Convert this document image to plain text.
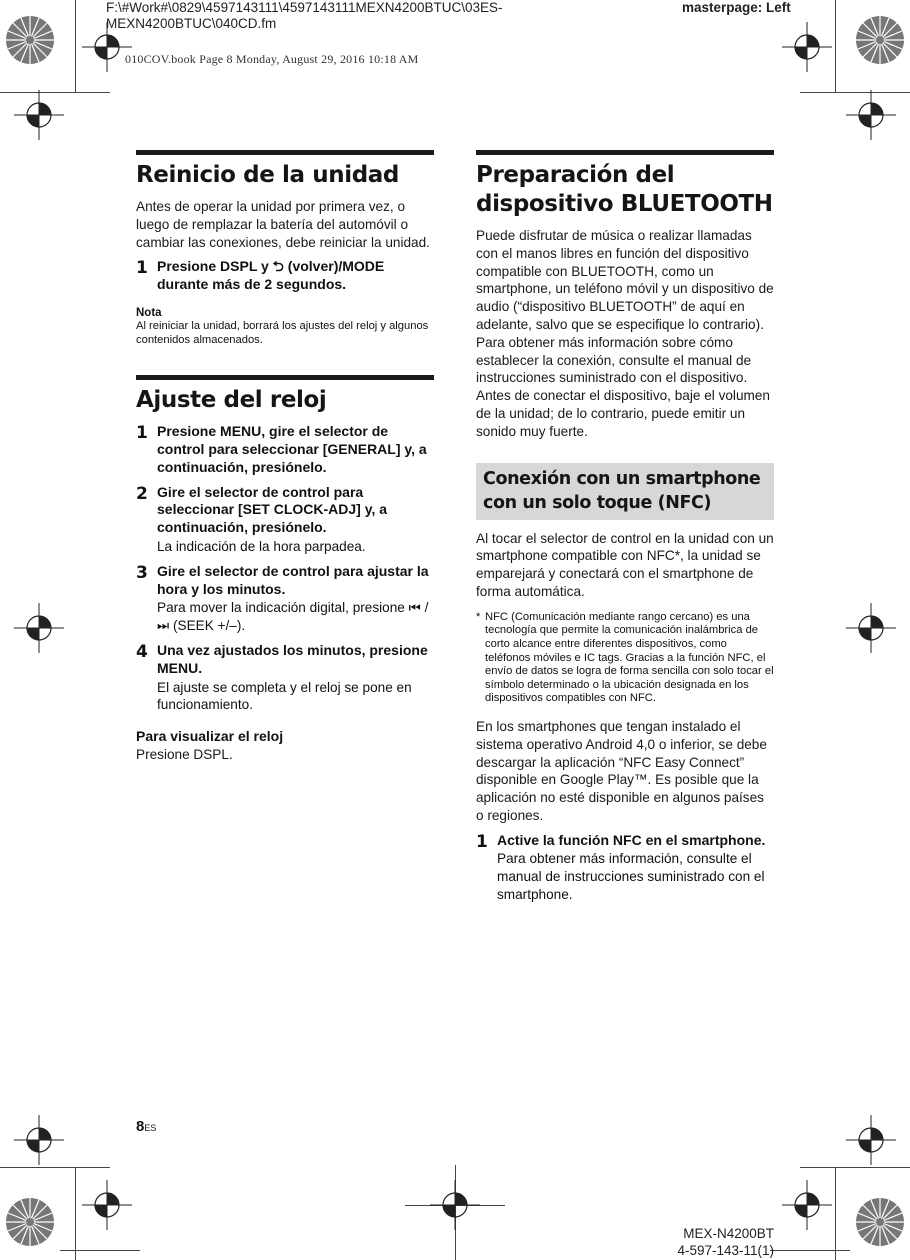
F:\#Work#\0829\4597143111\4597143111MEXN4200BTUC\03ES-
MEXN4200BTUC\040CD.fm
masterpage: Left
010COV.book Page 8 Monday, August 29, 2016 10:18 AM
Reinicio de la unidad

Antes de operar la unidad por primera vez, o luego de remplazar la batería del automóvil o cambiar las conexiones, debe reiniciar la unidad.

1 Presione DSPL y ⮌ (volver)/MODE durante más de 2 segundos.

Nota

Al reiniciar la unidad, borrará los ajustes del reloj y algunos contenidos almacenados.

Ajuste del reloj
1 Presione MENU, gire el selector de control para seleccionar [GENERAL] y, a continuación, presiónelo.

2 Gire el selector de control para seleccionar [SET CLOCK-ADJ] y, a continuación, presiónelo.

La indicación de la hora parpadea.

3 Gire el selector de control para ajustar la hora y los minutos.

Para mover la indicación digital, presione ⏮ /⏭ (SEEK +/–).

4 Una vez ajustados los minutos, presione MENU.

El ajuste se completa y el reloj se pone en funcionamiento.

Para visualizar el reloj

Presione DSPL.

Preparación del dispositivo BLUETOOTH

Puede disfrutar de música o realizar llamadas con el manos libres en función del dispositivo compatible con BLUETOOTH, como un smartphone, un teléfono móvil y un dispositivo de audio (“dispositivo BLUETOOTH” de aquí en adelante, salvo que se especifique lo contrario). Para obtener más información sobre cómo establecer la conexión, consulte el manual de instrucciones suministrado con el dispositivo.

Antes de conectar el dispositivo, baje el volumen de la unidad; de lo contrario, puede emitir un sonido muy fuerte.

Conexión con un smartphone con un solo toque (NFC)

Al tocar el selector de control en la unidad con un smartphone compatible con NFC*, la unidad se emparejará y conectará con el smartphone de forma automática.

* NFC (Comunicación mediante rango cercano) es una tecnología que permite la comunicación inalámbrica de corto alcance entre diferentes dispositivos, como teléfonos móviles e IC tags. Gracias a la función NFC, el envío de datos se logra de forma sencilla con solo tocar el símbolo determinado o la ubicación designada en los dispositivos compatibles con NFC.

En los smartphones que tengan instalado el sistema operativo Android 4,0 o inferior, se debe descargar la aplicación “NFC Easy Connect” disponible en Google Play™. Es posible que la aplicación no esté disponible en algunos países o regiones.

1 Active la función NFC en el smartphone.

Para obtener más información, consulte el manual de instrucciones suministrado con el smartphone.

8ES
MEX-N4200BT
4-597-143-11(1)
